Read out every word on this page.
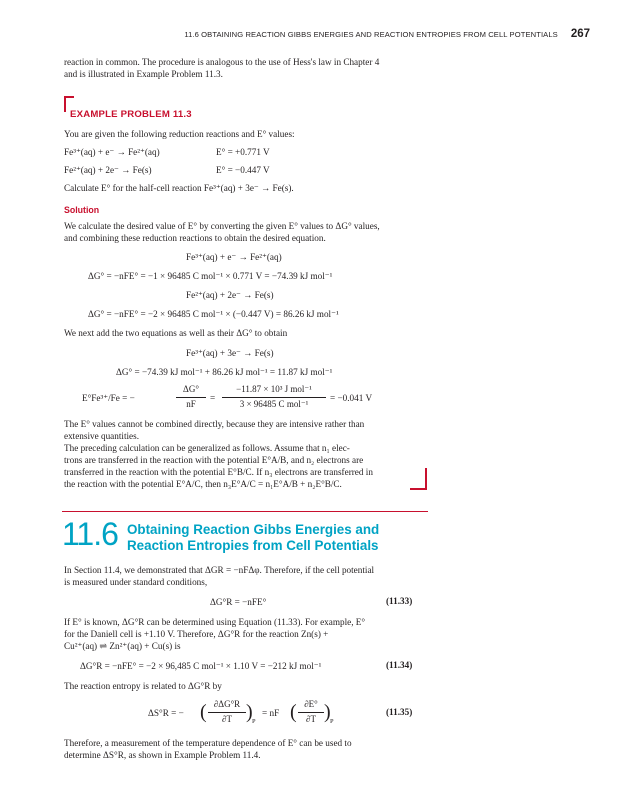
11.6 OBTAINING REACTION GIBBS ENERGIES AND REACTION ENTROPIES FROM CELL POTENTIALS 267

reaction in common. The procedure is analogous to the use of Hess's law in Chapter 4

and is illustrated in Example Problem 11.3.

EXAMPLE PROBLEM 11.3

You are given the following reduction reactions and E° values:

Fe³⁺(aq) + e⁻ → Fe²⁺(aq)	E° = +0.771 V
Fe²⁺(aq) + 2e⁻ → Fe(s)	E° = −0.447 V

Calculate E° for the half-cell reaction Fe³⁺(aq) + 3e⁻ → Fe(s).

Solution

We calculate the desired value of E° by converting the given E° values to ΔG° values,

and combining these reduction reactions to obtain the desired equation.

Fe³⁺(aq) + e⁻ → Fe²⁺(aq)
ΔG° = −nFE° = −1 × 96485 C mol⁻¹ × 0.771 V = −74.39 kJ mol⁻¹
Fe²⁺(aq) + 2e⁻ → Fe(s)
ΔG° = −nFE° = −2 × 96485 C mol⁻¹ × (−0.447 V) = 86.26 kJ mol⁻¹

We next add the two equations as well as their ΔG° to obtain

Fe³⁺(aq) + 3e⁻ → Fe(s)
ΔG° = −74.39 kJ mol⁻¹ + 86.26 kJ mol⁻¹ = 11.87 kJ mol⁻¹
E°Fe³⁺/Fe = −
ΔG°
nF
=
−11.87 × 10³ J mol⁻¹
3 × 96485 C mol⁻¹
= −0.041 V

The E° values cannot be combined directly, because they are intensive rather than

extensive quantities.

The preceding calculation can be generalized as follows. Assume that n₁ elec-

trons are transferred in the reaction with the potential E°A/B, and n₂ electrons are

transferred in the reaction with the potential E°B/C. If n₃ electrons are transferred in

the reaction with the potential E°A/C, then n₃E°A/C = n₁E°A/B + n₂E°B/C.

11.6 Obtaining Reaction Gibbs Energies and
Reaction Entropies from Cell Potentials

In Section 11.4, we demonstrated that ΔGR = −nFΔφ. Therefore, if the cell potential

is measured under standard conditions,

ΔG°R = −nFE°	(11.33)

If E° is known, ΔG°R can be determined using Equation (11.33). For example, E°

for the Daniell cell is +1.10 V. Therefore, ΔG°R for the reaction Zn(s) +

Cu²⁺(aq) ⇌ Zn²⁺(aq) + Cu(s) is

ΔG°R = −nFE° = −2 × 96,485 C mol⁻¹ × 1.10 V = −212 kJ mol⁻¹	(11.34)

The reaction entropy is related to ΔG°R by

ΔS°R = − ( ∂ΔG°R
∂T ) P
= nF ( ∂E°
∂T ) P
(11.35)

Therefore, a measurement of the temperature dependence of E° can be used to

determine ΔS°R, as shown in Example Problem 11.4.
